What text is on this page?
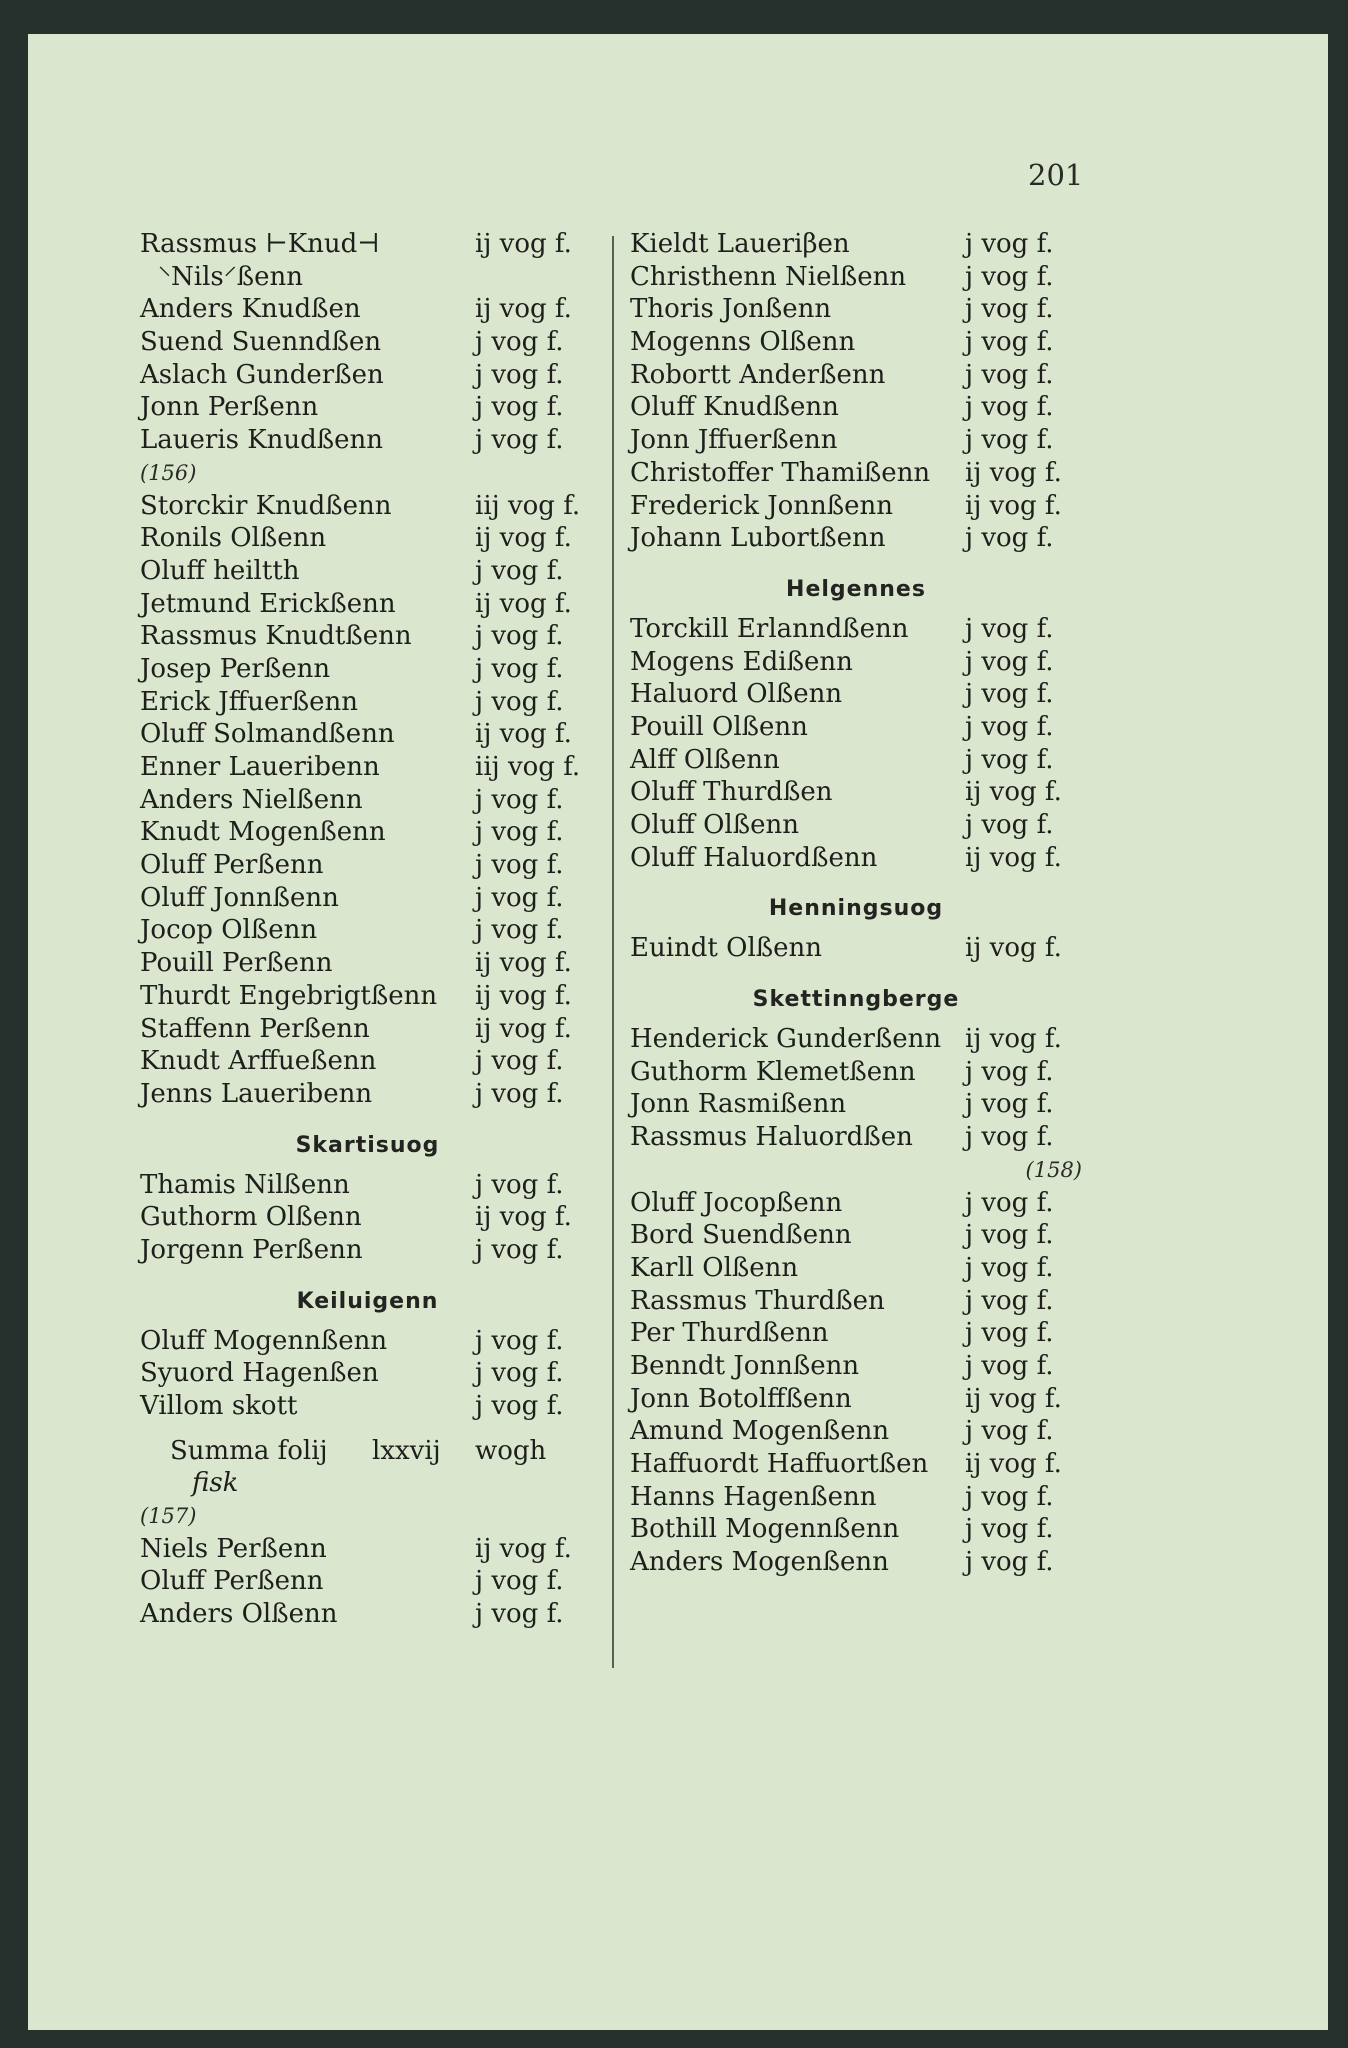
201
Rassmus ⊢Knud⊣	ij vog f.
⸌Nils⸍ßenn
Anders Knudßen	ij vog f.
Suend Suenndßen	j vog f.
Aslach Gunderßen	j vog f.
Jonn Perßenn	j vog f.
Laueris Knudßenn	j vog f.
(156)
Storckir Knudßenn	iij vog f.
Ronils Olßenn	ij vog f.
Oluff heiltth	j vog f.
Jetmund Erickßenn	ij vog f.
Rassmus Knudtßenn j vog f.
Josep Perßenn	j vog f.
Erick Jffuerßenn	j vog f.
Oluff Solmandßenn	ij vog f.
Enner Laueribenn	iij vog f.
Anders Nielßenn	j vog f.
Knudt Mogenßenn	j vog f.
Oluff Perßenn	j vog f.
Oluff Jonnßenn	j vog f.
Jocop Olßenn	j vog f.
Pouill Perßenn	ij vog f.
Thurdt Engebrigtßenn ij vog f.
Staffenn Perßenn	ij vog f.
Knudt Arffueßenn	j vog f.
Jenns Laueribenn	j vog f.
Skartisuog
Thamis Nilßenn	j vog f.
Guthorm Olßenn	ij vog f.
Jorgenn Perßenn	j vog f.
Keiluigenn
Oluff Mogennßenn	j vog f.
Syuord Hagenßen	j vog f.
Villom skott	j vog f.
Summa folij lxxvij wogh
fisk
(157)
Niels Perßenn	ij vog f.
Oluff Perßenn	j vog f.
Anders Olßenn	j vog f.
Kieldt Laueriβen	j vog f.
Christhenn Nielßenn j vog f.
Thoris Jonßenn	j vog f.
Mogenns Olßenn	j vog f.
Robortt Anderßenn	j vog f.
Oluff Knudßenn	j vog f.
Jonn Jffuerßenn	j vog f.
Christoffer Thamißenn ij vog f.
Frederick Jonnßenn	ij vog f.
Johann Lubortßenn	j vog f.
Helgennes
Torckill Erlanndßenn j vog f.
Mogens Edißenn	j vog f.
Haluord Olßenn	j vog f.
Pouill Olßenn	j vog f.
Alff Olßenn	j vog f.
Oluff Thurdßen	ij vog f.
Oluff Olßenn	j vog f.
Oluff Haluordßenn	ij vog f.
Henningsuog
Euindt Olßenn	ij vog f.
Skettinngberge
Henderick Gunderßenn ij vog f.
Guthorm Klemetßenn j vog f.
Jonn Rasmißenn	j vog f.
Rassmus Haluordßen j vog f.
(158)
Oluff Jocopßenn	j vog f.
Bord Suendßenn	j vog f.
Karll Olßenn	j vog f.
Rassmus Thurdßen	j vog f.
Per Thurdßenn	j vog f.
Benndt Jonnßenn	j vog f.
Jonn Botolffßenn	ij vog f.
Amund Mogenßenn	j vog f.
Haffuordt Haffuortßen ij vog f.
Hanns Hagenßenn	j vog f.
Bothill Mogennßenn	j vog f.
Anders Mogenßenn	j vog f.
